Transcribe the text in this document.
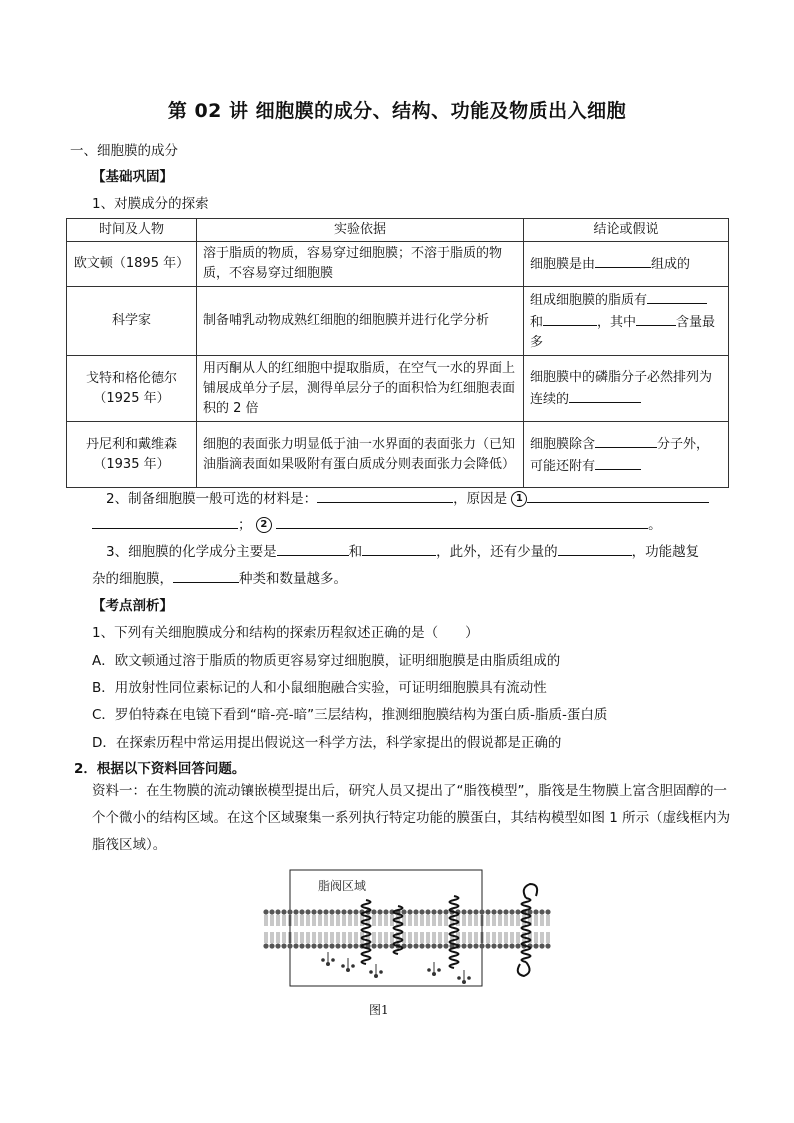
第 02 讲 细胞膜的成分、结构、功能及物质出入细胞
一、细胞膜的成分
【基础巩固】
1、对膜成分的探索
时间及人物	实验依据	结论或假说
欧文顿（1895 年）	溶于脂质的物质，容易穿过细胞膜；不溶于脂质的物质，不容易穿过细胞膜	细胞膜是由 组成的
科学家	制备哺乳动物成熟红细胞的细胞膜并进行化学分析	组成细胞膜的脂质有
和 ，其中 含量最多
戈特和格伦德尔
（1925 年）	用丙酮从人的红细胞中提取脂质，在空气一水的界面上铺展成单分子层，测得单层分子的面积恰为红细胞表面积的 2 倍	细胞膜中的磷脂分子必然排列为连续的
丹尼利和戴维森
（1935 年）	细胞的表面张力明显低于油一水界面的表面张力（已知油脂滴表面如果吸附有蛋白质成分则表面张力会降低）	细胞膜除含 分子外，可能还附有
2、制备细胞膜一般可选的材料是：	，原因是 1
； 2	。
3、细胞膜的化学成分主要是	和	，此外，还有少量的	，功能越复
杂的细胞膜，	种类和数量越多。
【考点剖析】
1、下列有关细胞膜成分和结构的探索历程叙述正确的是（　　）
A．欧文顿通过溶于脂质的物质更容易穿过细胞膜，证明细胞膜是由脂质组成的
B．用放射性同位素标记的人和小鼠细胞融合实验，可证明细胞膜具有流动性
C．罗伯特森在电镜下看到“暗-亮-暗”三层结构，推测细胞膜结构为蛋白质-脂质-蛋白质
D．在探索历程中常运用提出假说这一科学方法，科学家提出的假说都是正确的
2．根据以下资料回答问题。
资料一：在生物膜的流动镶嵌模型提出后，研究人员又提出了“脂筏模型”，脂筏是生物膜上富含胆固醇的一个个微小的结构区域。在这个区域聚集一系列执行特定功能的膜蛋白，其结构模型如图 1 所示（虚线框内为脂筏区域）。
脂阀区域
图1
